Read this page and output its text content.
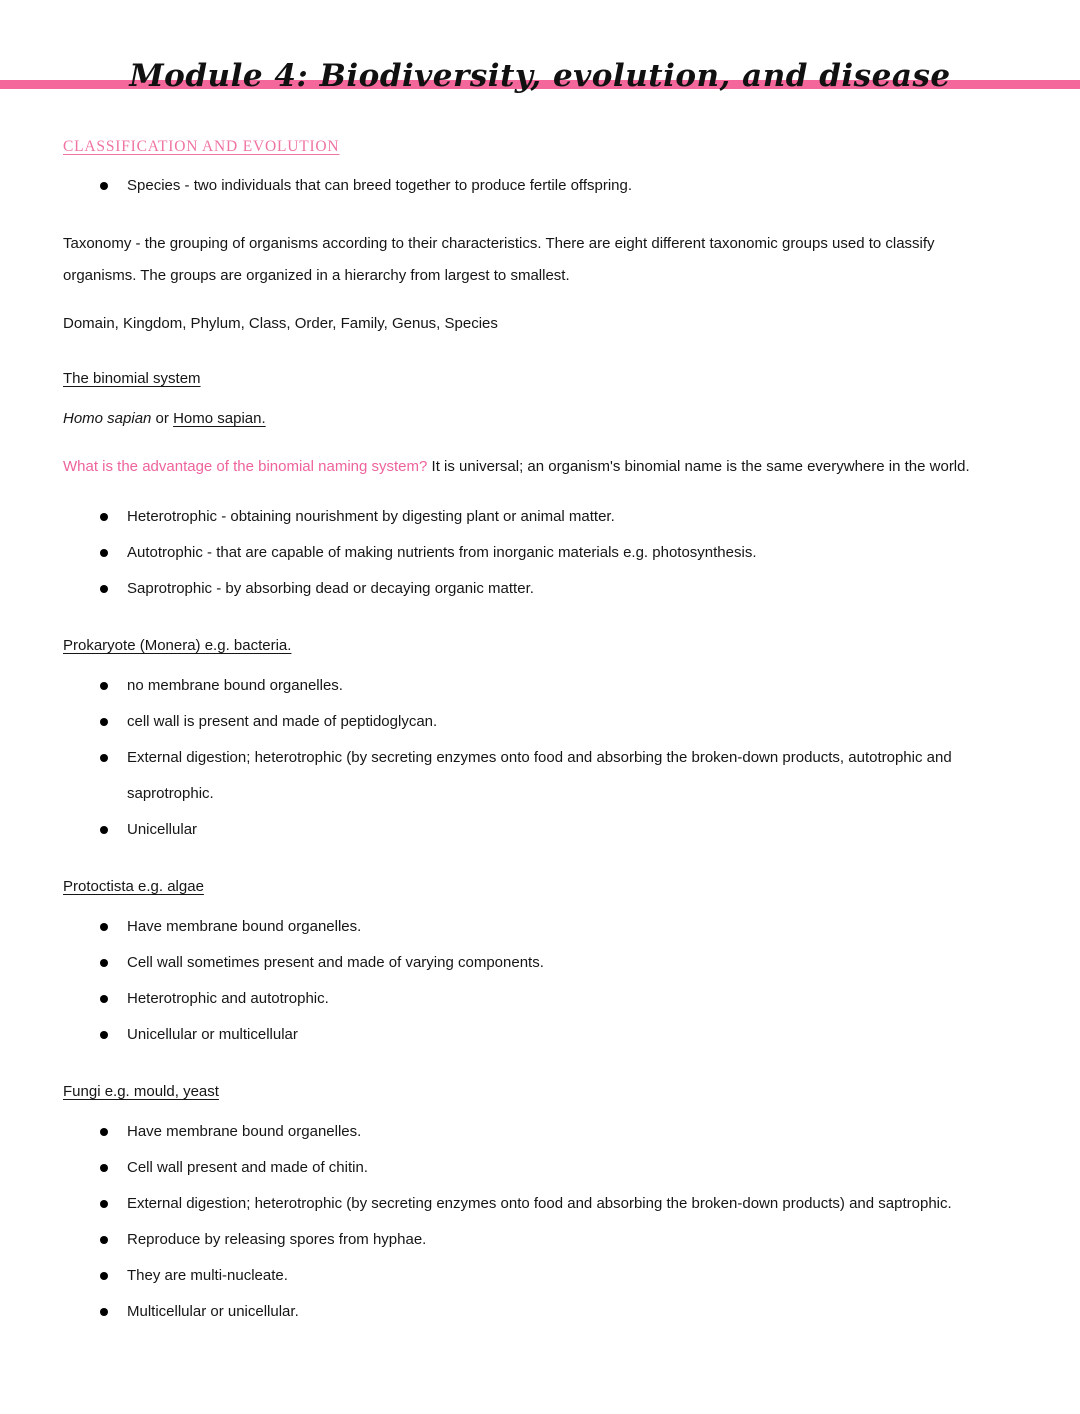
Module 4: Biodiversity, evolution, and disease
CLASSIFICATION AND EVOLUTION
Species - two individuals that can breed together to produce fertile offspring.

Taxonomy - the grouping of organisms according to their characteristics. There are eight different taxonomic groups used to classify organisms. The groups are organized in a hierarchy from largest to smallest.

Domain, Kingdom, Phylum, Class, Order, Family, Genus, Species

The binomial system

Homo sapian or Homo sapian.

What is the advantage of the binomial naming system? It is universal; an organism's binomial name is the same everywhere in the world.

Heterotrophic - obtaining nourishment by digesting plant or animal matter.
Autotrophic - that are capable of making nutrients from inorganic materials e.g. photosynthesis.
Saprotrophic - by absorbing dead or decaying organic matter.
Prokaryote (Monera) e.g. bacteria.
no membrane bound organelles.
cell wall is present and made of peptidoglycan.
External digestion; heterotrophic (by secreting enzymes onto food and absorbing the broken-down products, autotrophic and saprotrophic.
Unicellular
Protoctista e.g. algae
Have membrane bound organelles.
Cell wall sometimes present and made of varying components.
Heterotrophic and autotrophic.
Unicellular or multicellular
Fungi e.g. mould, yeast
Have membrane bound organelles.
Cell wall present and made of chitin.
External digestion; heterotrophic (by secreting enzymes onto food and absorbing the broken-down products) and saptrophic.
Reproduce by releasing spores from hyphae.
They are multi-nucleate.
Multicellular or unicellular.
